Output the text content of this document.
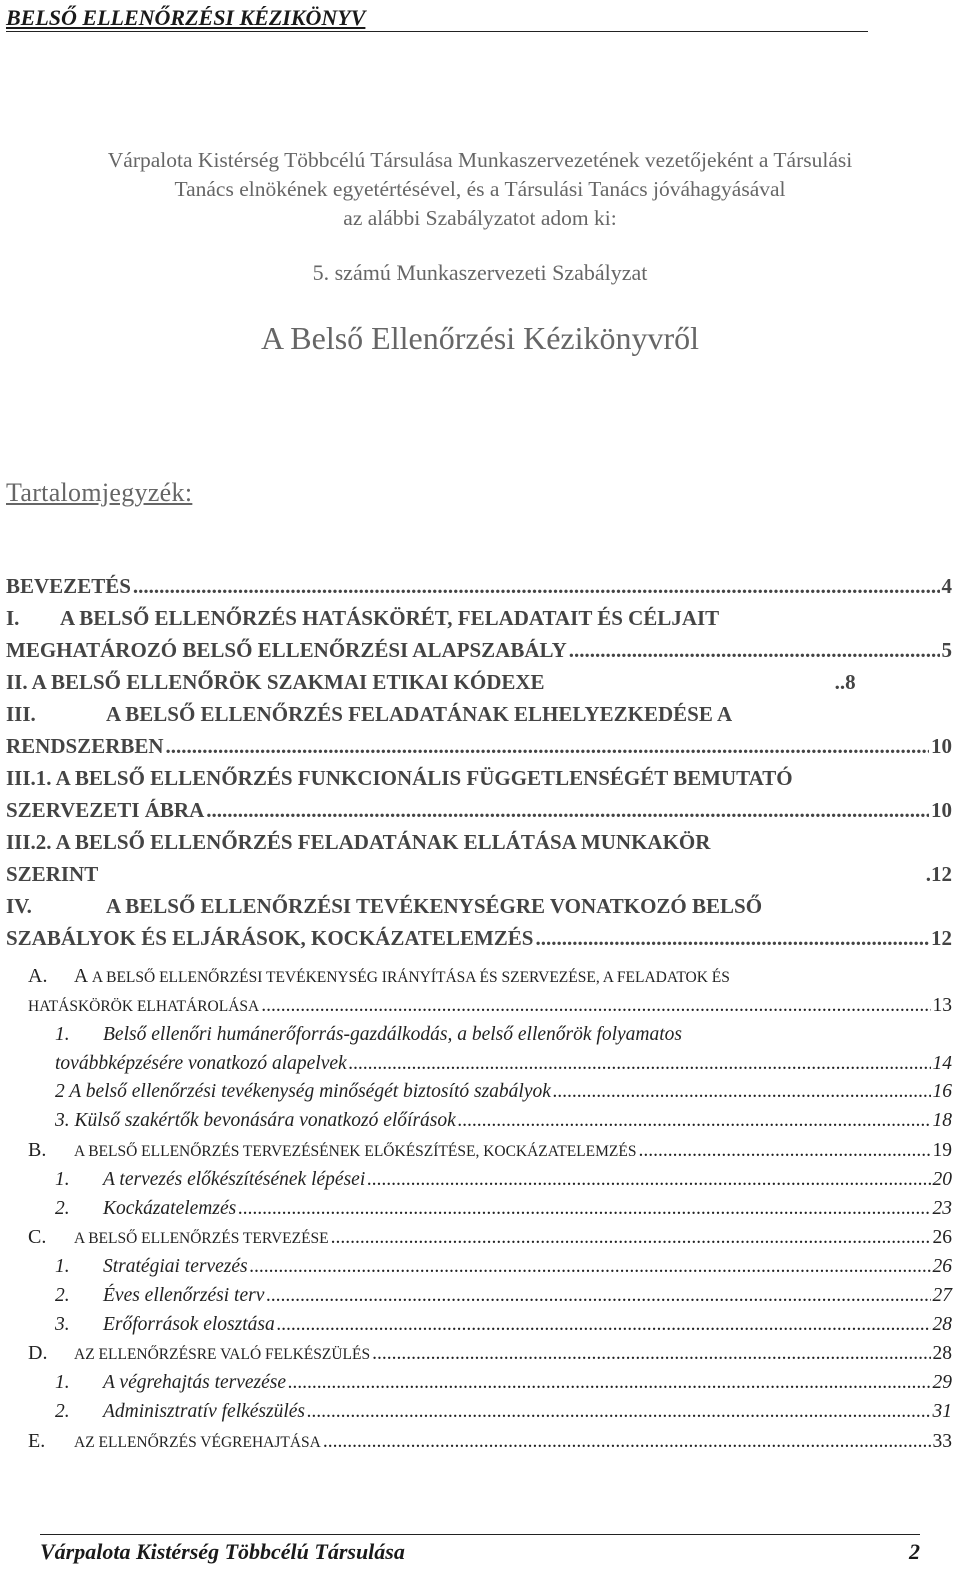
BELSŐ ELLENŐRZÉSI KÉZIKÖNYV
Várpalota Kistérség Többcélú Társulása Munkaszervezetének vezetőjeként a Társulási
Tanács elnökének egyetértésével, és a Társulási Tanács jóváhagyásával
az alábbi Szabályzatot adom ki:
5. számú Munkaszervezeti Szabályzat
A Belső Ellenőrzési Kézikönyvről
Tartalomjegyzék:
BEVEZETÉS .....	4
I. A BELSŐ ELLENŐRZÉS HATÁSKÖRÉT, FELADATAIT ÉS CÉLJAIT
MEGHATÁROZÓ BELSŐ ELLENŐRZÉSI ALAPSZABÁLY .....	5
II. A BELSŐ ELLENŐRÖK SZAKMAI ETIKAI KÓDEXE	..8
III.	A BELSŐ ELLENŐRZÉS FELADATÁNAK ELHELYEZKEDÉSE A
RENDSZERBEN .....	10
III.1. A BELSŐ ELLENŐRZÉS FUNKCIONÁLIS FÜGGETLENSÉGÉT BEMUTATÓ
SZERVEZETI ÁBRA .....	10
III.2. A BELSŐ ELLENŐRZÉS FELADATÁNAK ELLÁTÁSA MUNKAKÖR
SZERINT	.12
IV.	A BELSŐ ELLENŐRZÉSI TEVÉKENYSÉGRE VONATKOZÓ BELSŐ
SZABÁLYOK ÉS ELJÁRÁSOK, KOCKÁZATELEMZÉS .....	12
A. A A BELSŐ ELLENŐRZÉSI TEVÉKENYSÉG IRÁNYÍTÁSA ÉS SZERVEZÉSE, A FELADATOK ÉS
HATÁSKÖRÖK ELHATÁROLÁSA .....	13
1. Belső ellenőri humánerőforrás-gazdálkodás, a belső ellenőrök folyamatos
továbbképzésére vonatkozó alapelvek .....	14
2 A belső ellenőrzési tevékenység minőségét biztosító szabályok .....	16
3. Külső szakértők bevonására vonatkozó előírások .....	18
B. A BELSŐ ELLENŐRZÉS TERVEZÉSÉNEK ELŐKÉSZÍTÉSE, KOCKÁZATELEMZÉS .....	19
1. A tervezés előkészítésének lépései .....	20
2. Kockázatelemzés .....	23
C. A BELSŐ ELLENŐRZÉS TERVEZÉSE .....	26
1. Stratégiai tervezés .....	26
2. Éves ellenőrzési terv .....	27
3. Erőforrások elosztása .....	28
D. AZ ELLENŐRZÉSRE VALÓ FELKÉSZÜLÉS .....	28
1. A végrehajtás tervezése .....	29
2. Adminisztratív felkészülés .....	31
E. AZ ELLENŐRZÉS VÉGREHAJTÁSA .....	33
Várpalota Kistérség Többcélú Társulása	2
